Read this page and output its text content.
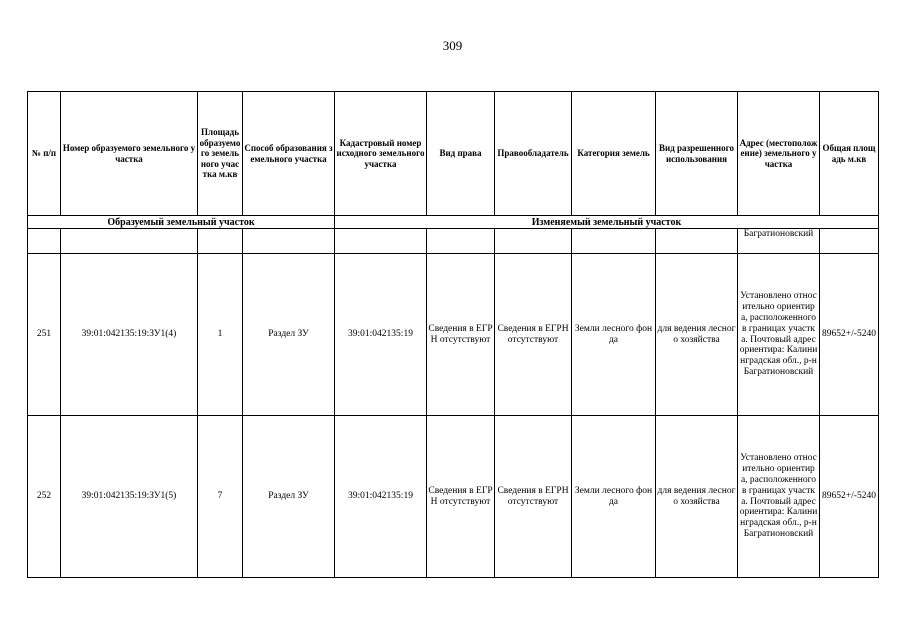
309
№ п/п	Номер образуемого земельного участка	Площадь образуемого земельного участка м.кв	Способ образования земельного участка	Кадастровый номер исходного земельного участка	Вид права	Правообладатель	Категория земель	Вид разрешенного использования	Адрес (местоположение) земельного участка	Общая площадь м.кв
Образуемый земельный участок				Изменяемый земельный участок						
									Багратионовский	
251	39:01:042135:19:ЗУ1(4)	1	Раздел ЗУ	39:01:042135:19	Сведения в ЕГРН отсутствуют	Сведения в ЕГРН отсутствуют	Земли лесного фонда	для ведения лесного хозяйства	Установлено относительно ориентира, расположенного в границах участка. Почтовый адрес ориентира: Калининградская обл., р-н Багратионовский	89652+/-5240
252	39:01:042135:19:ЗУ1(5)	7	Раздел ЗУ	39:01:042135:19	Сведения в ЕГРН отсутствуют	Сведения в ЕГРН отсутствуют	Земли лесного фонда	для ведения лесного хозяйства	Установлено относительно ориентира, расположенного в границах участка. Почтовый адрес ориентира: Калининградская обл., р-н Багратионовский	89652+/-5240
